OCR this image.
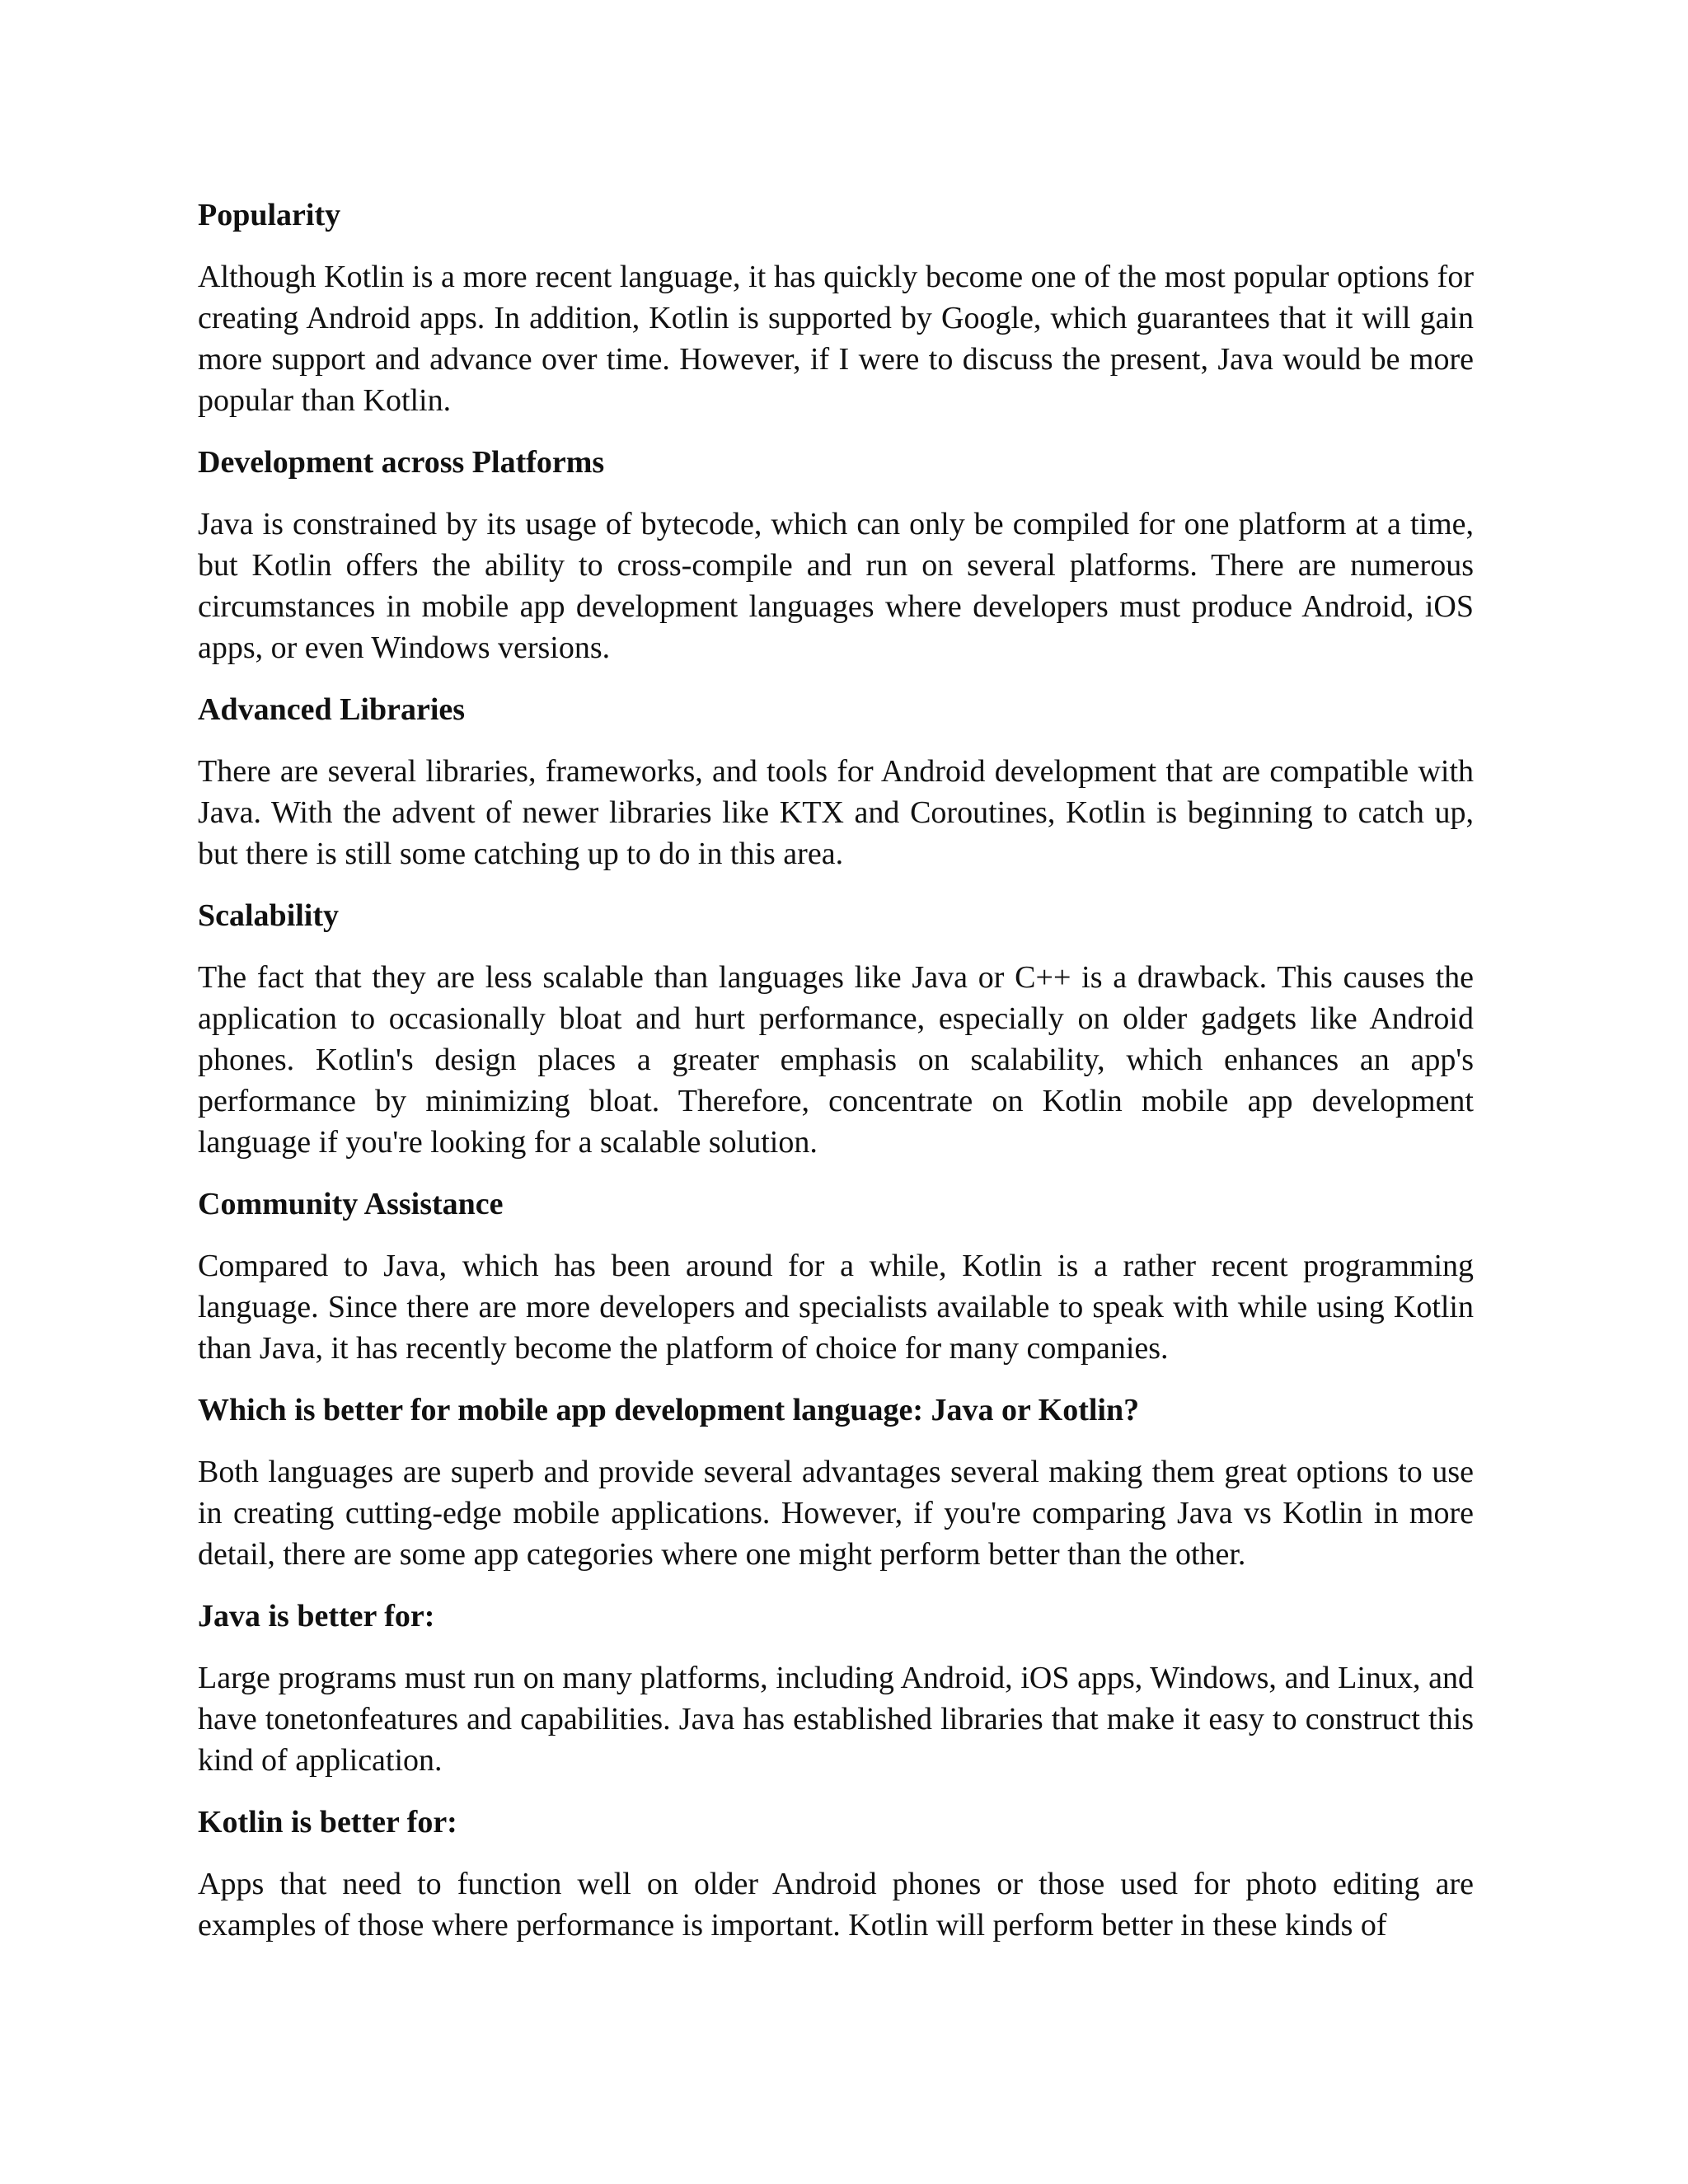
Popularity
Although Kotlin is a more recent language, it has quickly become one of the most popular options for creating Android apps. In addition, Kotlin is supported by Google, which guarantees that it will gain more support and advance over time. However, if I were to discuss the present, Java would be more popular than Kotlin.
Development across Platforms
Java is constrained by its usage of bytecode, which can only be compiled for one platform at a time, but Kotlin offers the ability to cross-compile and run on several platforms. There are numerous circumstances in mobile app development languages where developers must produce Android, iOS apps, or even Windows versions.
Advanced Libraries
There are several libraries, frameworks, and tools for Android development that are compatible with Java. With the advent of newer libraries like KTX and Coroutines, Kotlin is beginning to catch up, but there is still some catching up to do in this area.
Scalability
The fact that they are less scalable than languages like Java or C++ is a drawback. This causes the application to occasionally bloat and hurt performance, especially on older gadgets like Android phones. Kotlin's design places a greater emphasis on scalability, which enhances an app's performance by minimizing bloat. Therefore, concentrate on Kotlin mobile app development language if you're looking for a scalable solution.
Community Assistance
Compared to Java, which has been around for a while, Kotlin is a rather recent programming language. Since there are more developers and specialists available to speak with while using Kotlin than Java, it has recently become the platform of choice for many companies.
Which is better for mobile app development language: Java or Kotlin?
Both languages are superb and provide several advantages several making them great options to use in creating cutting-edge mobile applications. However, if you're comparing Java vs Kotlin in more detail, there are some app categories where one might perform better than the other.
Java is better for:
Large programs must run on many platforms, including Android, iOS apps, Windows, and Linux, and have tonetonfeatures and capabilities. Java has established libraries that make it easy to construct this kind of application.
Kotlin is better for:
Apps that need to function well on older Android phones or those used for photo editing are examples of those where performance is important. Kotlin will perform better in these kinds of
